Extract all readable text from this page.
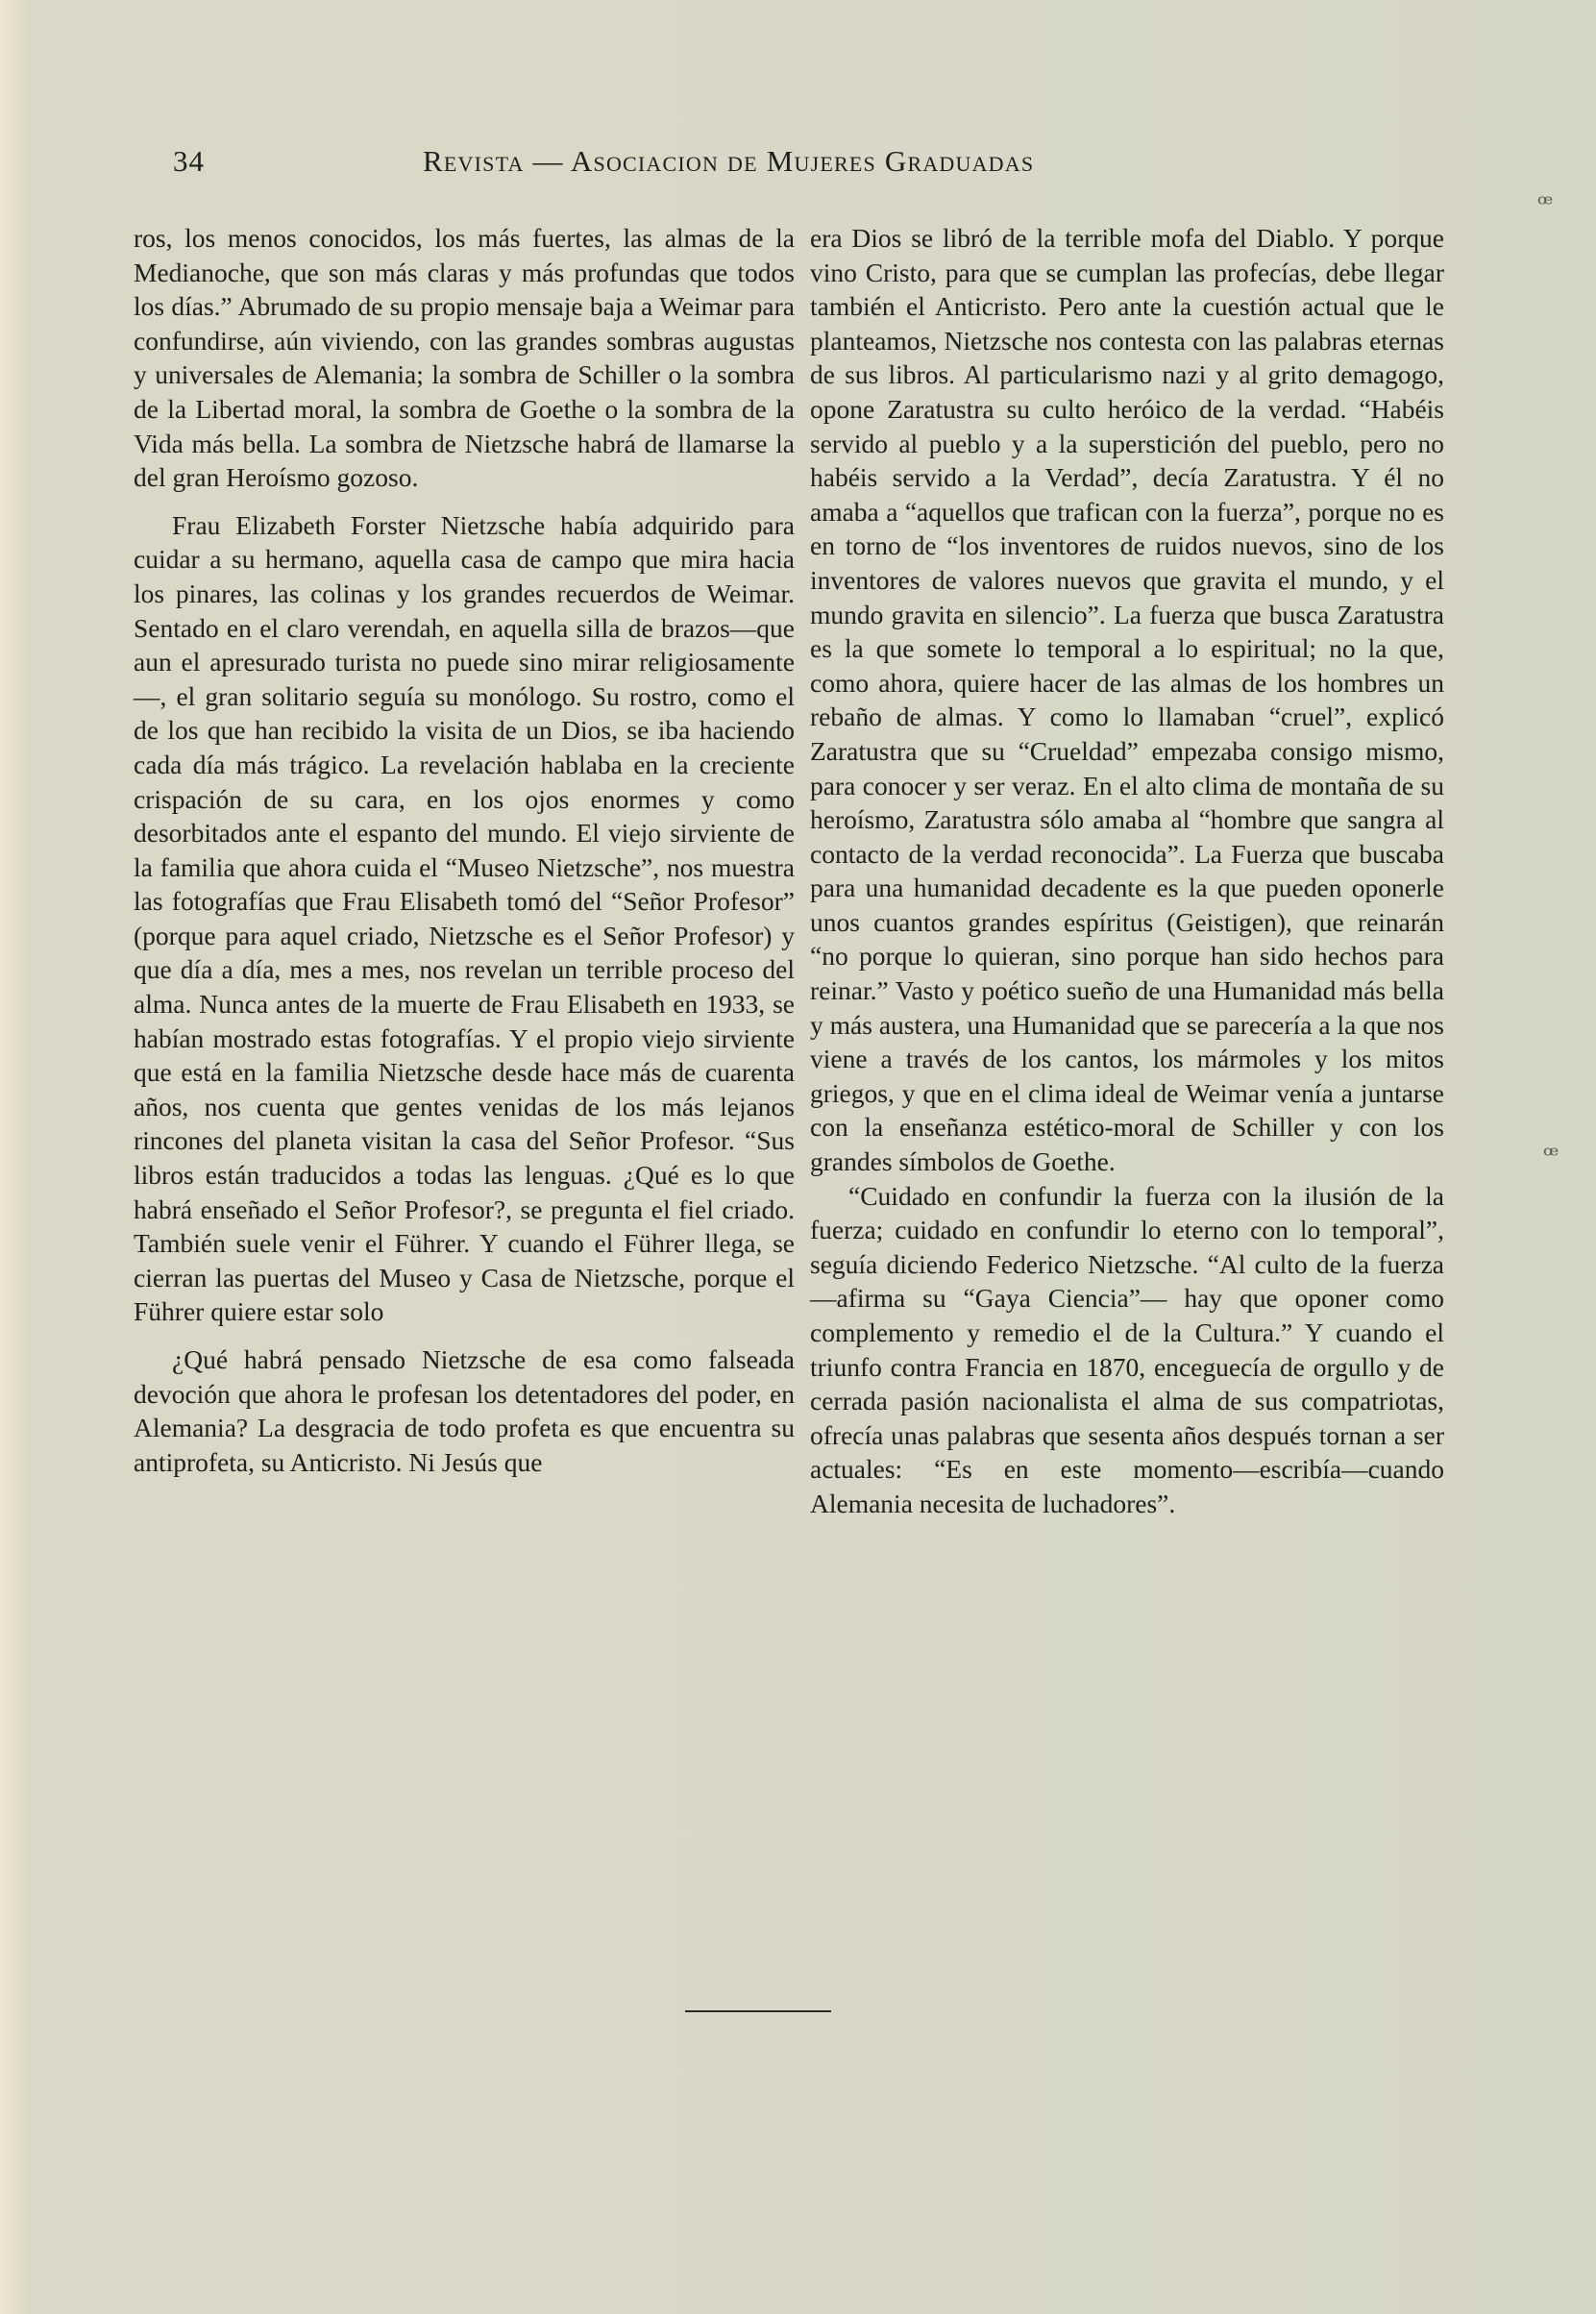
34	Revista — Asociacion de Mujeres Graduadas

ros, los menos conocidos, los más fuertes, las almas de la Medianoche, que son más claras y más profundas que todos los días.” Abrumado de su propio mensaje baja a Weimar para confundirse, aún viviendo, con las grandes sombras augustas y universales de Alemania; la sombra de Schiller o la sombra de la Libertad moral, la sombra de Goethe o la sombra de la Vida más bella. La sombra de Nietzsche habrá de llamarse la del gran Heroísmo gozoso.

Frau Elizabeth Forster Nietzsche había adquirido para cuidar a su hermano, aquella casa de campo que mira hacia los pinares, las colinas y los grandes recuerdos de Weimar. Sentado en el claro verendah, en aquella silla de brazos—que aun el apresurado turista no puede sino mirar religiosamente—, el gran solitario seguía su monólogo. Su rostro, como el de los que han recibido la visita de un Dios, se iba haciendo cada día más trágico. La revelación hablaba en la creciente crispación de su cara, en los ojos enormes y como desorbitados ante el espanto del mundo. El viejo sirviente de la familia que ahora cuida el “Museo Nietzsche”, nos muestra las fotografías que Frau Elisabeth tomó del “Señor Profesor” (porque para aquel criado, Nietzsche es el Señor Profesor) y que día a día, mes a mes, nos revelan un terrible proceso del alma. Nunca antes de la muerte de Frau Elisabeth en 1933, se habían mostrado estas fotografías. Y el propio viejo sirviente que está en la familia Nietzsche desde hace más de cuarenta años, nos cuenta que gentes venidas de los más lejanos rincones del planeta visitan la casa del Señor Profesor. “Sus libros están traducidos a todas las lenguas. ¿Qué es lo que habrá enseñado el Señor Profesor?, se pregunta el fiel criado. También suele venir el Führer. Y cuando el Führer llega, se cierran las puertas del Museo y Casa de Nietzsche, porque el Führer quiere estar solo

¿Qué habrá pensado Nietzsche de esa como falseada devoción que ahora le profesan los detentadores del poder, en Alemania? La desgracia de todo profeta es que encuentra su antiprofeta, su Anticristo. Ni Jesús que

era Dios se libró de la terrible mofa del Diablo. Y porque vino Cristo, para que se cumplan las profecías, debe llegar también el Anticristo. Pero ante la cuestión actual que le planteamos, Nietzsche nos contesta con las palabras eternas de sus libros. Al particularismo nazi y al grito demagogo, opone Zaratustra su culto heróico de la verdad. “Habéis servido al pueblo y a la superstición del pueblo, pero no habéis servido a la Verdad”, decía Zaratustra. Y él no amaba a “aquellos que trafican con la fuerza”, porque no es en torno de “los inventores de ruidos nuevos, sino de los inventores de valores nuevos que gravita el mundo, y el mundo gravita en silencio”. La fuerza que busca Zaratustra es la que somete lo temporal a lo espiritual; no la que, como ahora, quiere hacer de las almas de los hombres un rebaño de almas. Y como lo llamaban “cruel”, explicó Zaratustra que su “Crueldad” empezaba consigo mismo, para conocer y ser veraz. En el alto clima de montaña de su heroísmo, Zaratustra sólo amaba al “hombre que sangra al contacto de la verdad reconocida”. La Fuerza que buscaba para una humanidad decadente es la que pueden oponerle unos cuantos grandes espíritus (Geistigen), que reinarán “no porque lo quieran, sino porque han sido hechos para reinar.” Vasto y poético sueño de una Humanidad más bella y más austera, una Humanidad que se parecería a la que nos viene a través de los cantos, los mármoles y los mitos griegos, y que en el clima ideal de Weimar venía a juntarse con la enseñanza estético-moral de Schiller y con los grandes símbolos de Goethe.

“Cuidado en confundir la fuerza con la ilusión de la fuerza; cuidado en confundir lo eterno con lo temporal”, seguía diciendo Federico Nietzsche. “Al culto de la fuerza —afirma su “Gaya Ciencia”— hay que oponer como complemento y remedio el de la Cultura.” Y cuando el triunfo contra Francia en 1870, enceguecía de orgullo y de cerrada pasión nacionalista el alma de sus compatriotas, ofrecía unas palabras que sesenta años después tornan a ser actuales: “Es en este momento—escribía—cuando Alemania necesita de luchadores”.

ꟹ
ꟹ
